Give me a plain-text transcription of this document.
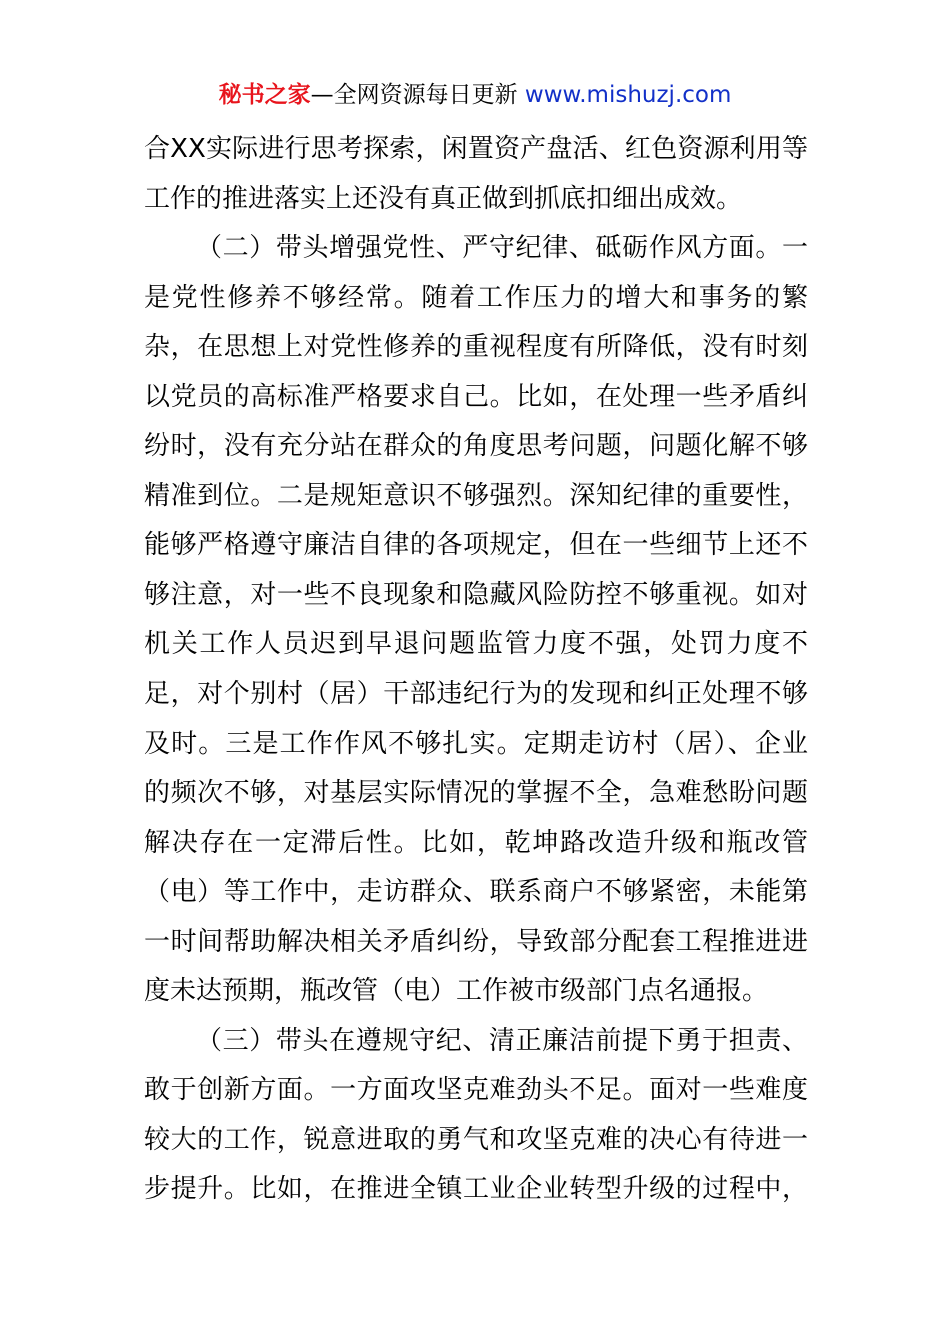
秘书之家—全网资源每日更新 www.mishuzj.com
合XX实际进行思考探索，闲置资产盘活、红色资源利用等
工作的推进落实上还没有真正做到抓底扣细出成效。
（二）带头增强党性、严守纪律、砥砺作风方面。一
是党性修养不够经常。随着工作压力的增大和事务的繁
杂，在思想上对党性修养的重视程度有所降低，没有时刻
以党员的高标准严格要求自己。比如，在处理一些矛盾纠
纷时，没有充分站在群众的角度思考问题，问题化解不够
精准到位。二是规矩意识不够强烈。深知纪律的重要性，
能够严格遵守廉洁自律的各项规定，但在一些细节上还不
够注意，对一些不良现象和隐藏风险防控不够重视。如对
机关工作人员迟到早退问题监管力度不强，处罚力度不
足，对个别村（居）干部违纪行为的发现和纠正处理不够
及时。三是工作作风不够扎实。定期走访村（居）、企业
的频次不够，对基层实际情况的掌握不全，急难愁盼问题
解决存在一定滞后性。比如，乾坤路改造升级和瓶改管
（电）等工作中，走访群众、联系商户不够紧密，未能第
一时间帮助解决相关矛盾纠纷，导致部分配套工程推进进
度未达预期，瓶改管（电）工作被市级部门点名通报。
（三）带头在遵规守纪、清正廉洁前提下勇于担责、
敢于创新方面。一方面攻坚克难劲头不足。面对一些难度
较大的工作，锐意进取的勇气和攻坚克难的决心有待进一
步提升。比如，在推进全镇工业企业转型升级的过程中，
